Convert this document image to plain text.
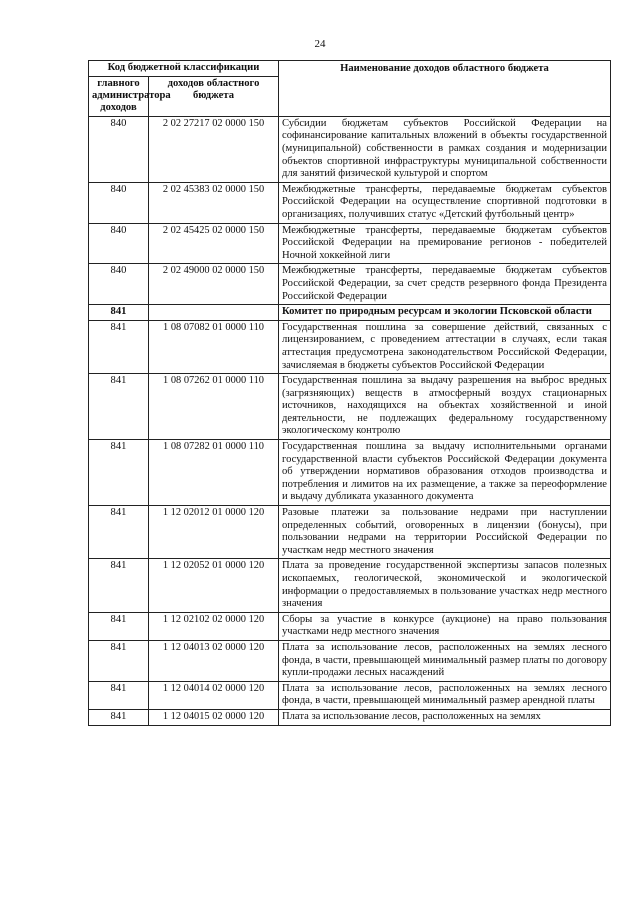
24
Код бюджетной классификации		Наименование доходов областного бюджета
главного администратора доходов	доходов областного бюджета	
840	2 02 27217 02 0000 150	Субсидии бюджетам субъектов Российской Федерации на софинансирование капитальных вложений в объекты государственной (муниципальной) собственности в рамках создания и модернизации объектов спортивной инфраструктуры муниципальной собственности для занятий физической культурой и спортом
840	2 02 45383 02 0000 150	Межбюджетные трансферты, передаваемые бюджетам субъектов Российской Федерации на осуществление спортивной подготовки в организациях, получивших статус «Детский футбольный центр»
840	2 02 45425 02 0000 150	Межбюджетные трансферты, передаваемые бюджетам субъектов Российской Федерации на премирование регионов - победителей Ночной хоккейной лиги
840	2 02 49000 02 0000 150	Межбюджетные трансферты, передаваемые бюджетам субъектов Российской Федерации, за счет средств резервного фонда Президента Российской Федерации
841		Комитет по природным ресурсам и экологии Псковской области
841	1 08 07082 01 0000 110	Государственная пошлина за совершение действий, связанных с лицензированием, с проведением аттестации в случаях, если такая аттестация предусмотрена законодательством Российской Федерации, зачисляемая в бюджеты субъектов Российской Федерации
841	1 08 07262 01 0000 110	Государственная пошлина за выдачу разрешения на выброс вредных (загрязняющих) веществ в атмосферный воздух стационарных источников, находящихся на объектах хозяйственной и иной деятельности, не подлежащих федеральному государственному экологическому контролю
841	1 08 07282 01 0000 110	Государственная пошлина за выдачу исполнительными органами государственной власти субъектов Российской Федерации документа об утверждении нормативов образования отходов производства и потребления и лимитов на их размещение, а также за переоформление и выдачу дубликата указанного документа
841	1 12 02012 01 0000 120	Разовые платежи за пользование недрами при наступлении определенных событий, оговоренных в лицензии (бонусы), при пользовании недрами на территории Российской Федерации по участкам недр местного значения
841	1 12 02052 01 0000 120	Плата за проведение государственной экспертизы запасов полезных ископаемых, геологической, экономической и экологической информации о предоставляемых в пользование участках недр местного значения
841	1 12 02102 02 0000 120	Сборы за участие в конкурсе (аукционе) на право пользования участками недр местного значения
841	1 12 04013 02 0000 120	Плата за использование лесов, расположенных на землях лесного фонда, в части, превышающей минимальный размер платы по договору купли-продажи лесных насаждений
841	1 12 04014 02 0000 120	Плата за использование лесов, расположенных на землях лесного фонда, в части, превышающей минимальный размер арендной платы
841	1 12 04015 02 0000 120	Плата за использование лесов, расположенных на землях
